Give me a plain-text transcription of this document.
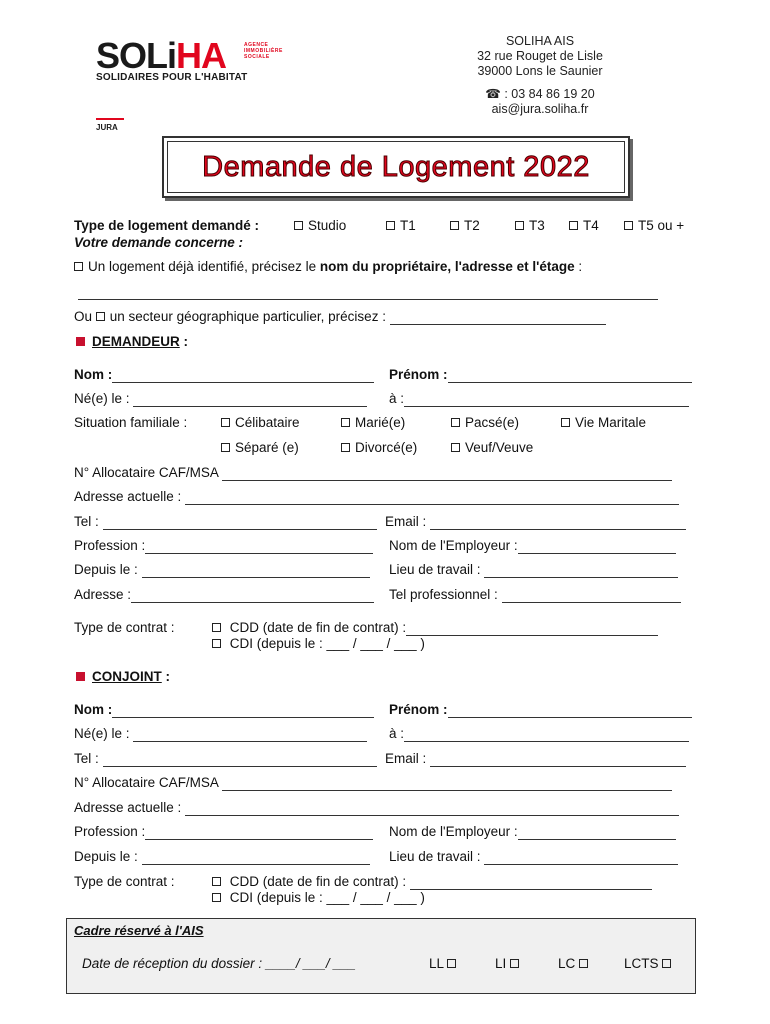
SOLiHA	AGENCE IMMOBILIÈRE SOCIALE
SOLIDAIRES POUR L'HABITAT
JURA
SOLIHA AIS
32 rue Rouget de Lisle
39000 Lons le Saunier
☎ : 03 84 86 19 20
ais@jura.soliha.fr
Demande de Logement 2022
Type de logement demandé :	Studio	T1	T2	T3	T4	T5 ou +
Votre demande concerne :
Un logement déjà identifié, précisez le nom du propriétaire, l'adresse et l'étage :
Ou un secteur géographique particulier, précisez :
DEMANDEUR :
Nom :	Prénom :
Né(e) le :	à :
Situation familiale :	Célibataire	Marié(e)	Pacsé(e)	Vie Maritale
Séparé (e)	Divorcé(e)	Veuf/Veuve
N° Allocataire CAF/MSA
Adresse actuelle :
Tel :	Email :
Profession :	Nom de l'Employeur :
Depuis le :	Lieu de travail :
Adresse :	Tel professionnel :
Type de contrat :	CDD (date de fin de contrat) :
CDI (depuis le : ___ / ___ / ___ )
CONJOINT :
Nom :	Prénom :
Né(e) le :	à :
Tel :	Email :
N° Allocataire CAF/MSA
Adresse actuelle :
Profession :	Nom de l'Employeur :
Depuis le :	Lieu de travail :
Type de contrat :	CDD (date de fin de contrat) :
CDI (depuis le : ___ / ___ / ___ )
Cadre réservé à l'AIS
Date de réception du dossier : ____/ ___/ ___	LL	LI	LC	LCTS
